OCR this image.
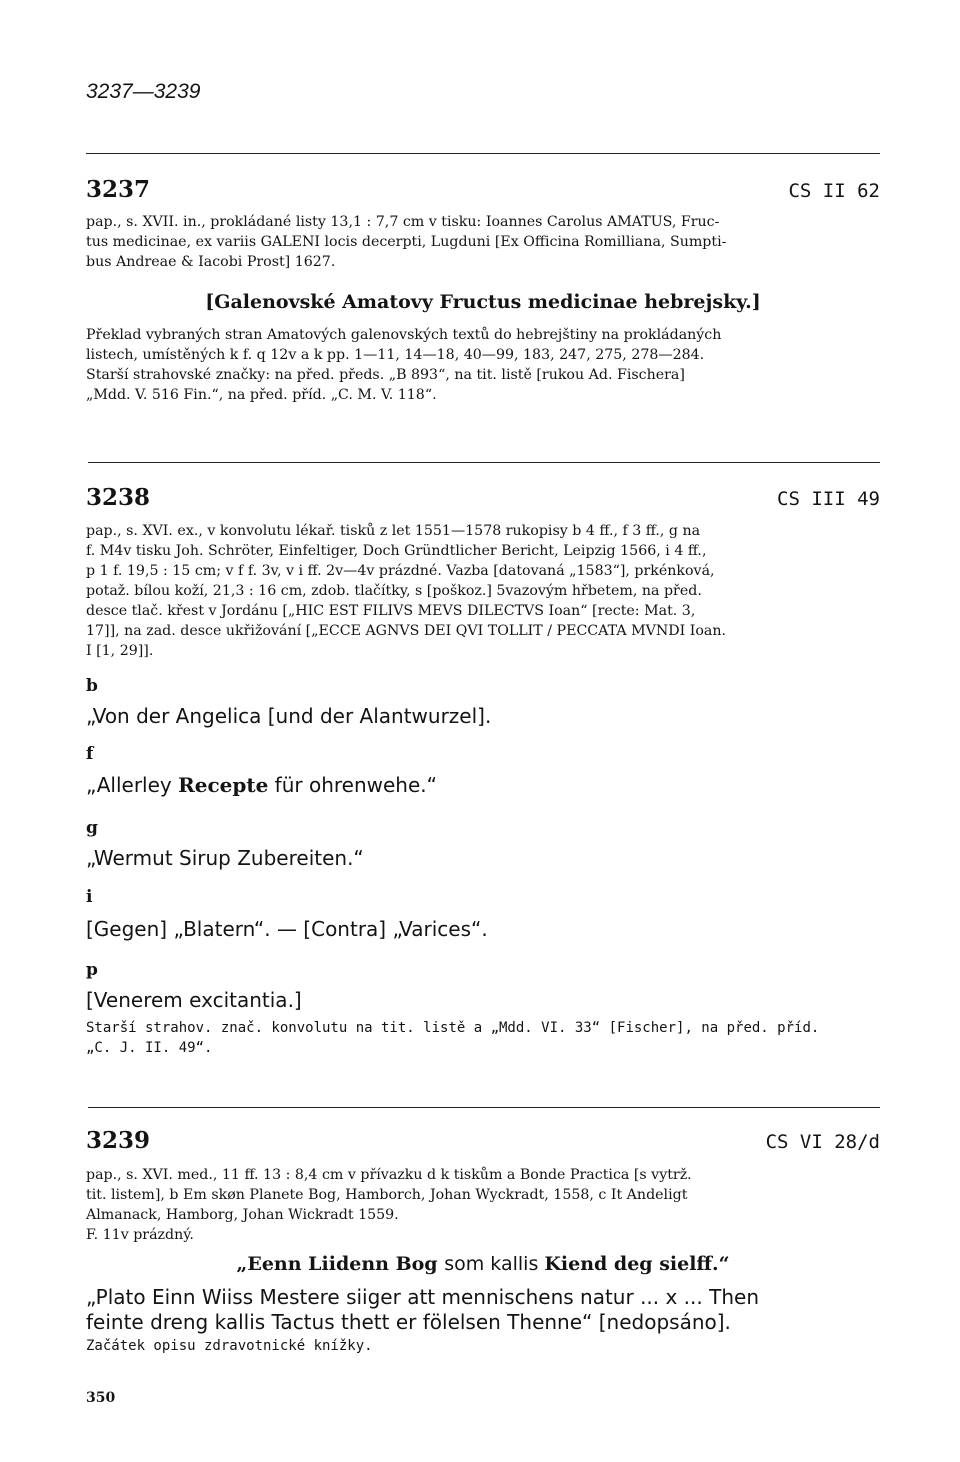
3237—3239
3237	CS II 62
pap., s. XVII. in., prokládané listy 13,1 : 7,7 cm v tisku: Ioannes Carolus AMATUS, Fruc-
tus medicinae, ex variis GALENI locis decerpti, Lugduni [Ex Officina Romilliana, Sumpti-
bus Andreae & Iacobi Prost] 1627.
[Galenovské Amatovy Fructus medicinae hebrejsky.]
Překlad vybraných stran Amatových galenovských textů do hebrejštiny na prokládaných
listech, umístěných k f. q 12v a k pp. 1—11, 14—18, 40—99, 183, 247, 275, 278—284.
Starší strahovské značky: na před. předs. „B 893“, na tit. listě [rukou Ad. Fischera]
„Mdd. V. 516 Fin.“, na před. příd. „C. M. V. 118“.
3238	CS III 49
pap., s. XVI. ex., v konvolutu lékař. tisků z let 1551—1578 rukopisy b 4 ff., f 3 ff., g na
f. M4v tisku Joh. Schröter, Einfeltiger, Doch Gründtlicher Bericht, Leipzig 1566, i 4 ff.,
p 1 f. 19,5 : 15 cm; v f f. 3v, v i ff. 2v—4v prázdné. Vazba [datovaná „1583“], prkénková,
potaž. bílou koží, 21,3 : 16 cm, zdob. tlačítky, s [poškoz.] 5vazovým hřbetem, na před.
desce tlač. křest v Jordánu [„HIC EST FILIVS MEVS DILECTVS Ioan“ [recte: Mat. 3,
17]], na zad. desce ukřižování [„ECCE AGNVS DEI QVI TOLLIT / PECCATA MVNDI Ioan.
I [1, 29]].
b
„Von der Angelica [und der Alantwurzel].
f
„Allerley Recepte für ohrenwehe.“
g
„Wermut Sirup Zubereiten.“
i
[Gegen] „Blatern“. — [Contra] „Varices“.
p
[Venerem excitantia.]
Starší strahov. znač. konvolutu na tit. listě a „Mdd. VI. 33“ [Fischer], na před. příd.
„C. J. II. 49“.
3239	CS VI 28/d
pap., s. XVI. med., 11 ff. 13 : 8,4 cm v přívazku d k tiskům a Bonde Practica [s vytrž.
tit. listem], b Em skøn Planete Bog, Hamborch, Johan Wyckradt, 1558, c It Andeligt
Almanack, Hamborg, Johan Wickradt 1559.
F. 11v prázdný.
„Eenn Liidenn Bog som kallis Kiend deg sielff.“
„Plato Einn Wiiss Mestere siiger att mennischens natur ... x ... Then
feinte dreng kallis Tactus thett er fölelsen Thenne“ [nedopsáno].
Začátek opisu zdravotnické knížky.
350
